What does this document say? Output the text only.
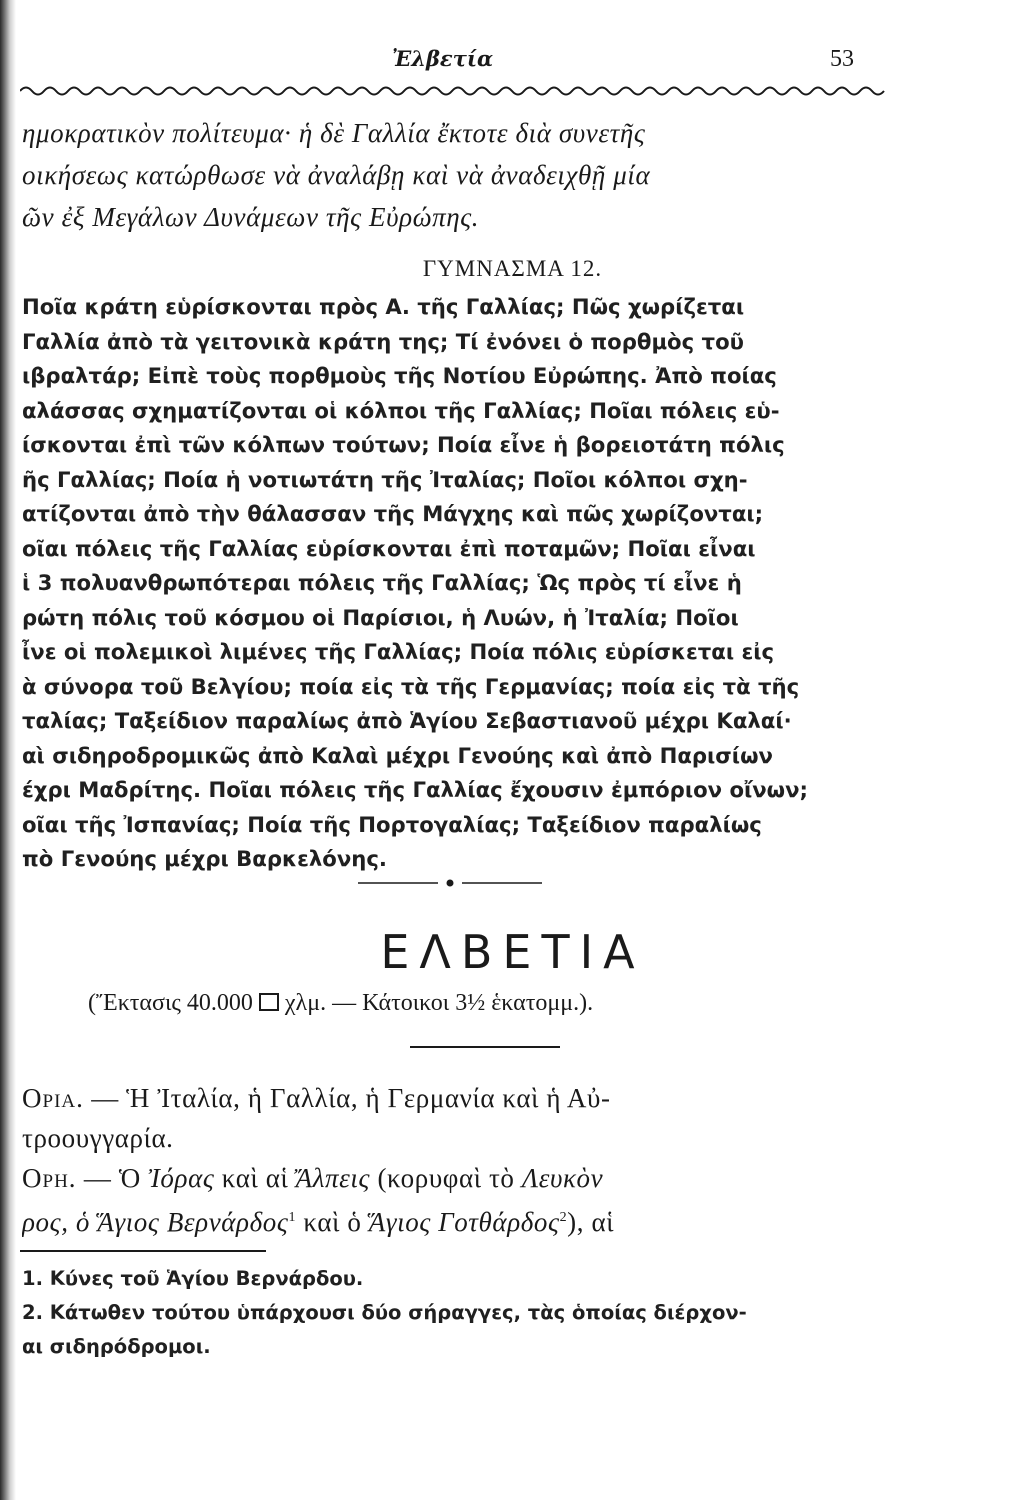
Ἐλβετία	53
ημοκρατικὸν πολίτευμα· ἡ δὲ Γαλλία ἔκτοτε διὰ συνετῆς
οικήσεως κατώρθωσε νὰ ἀναλάβῃ καὶ νὰ ἀναδειχθῇ μία
ῶν ἐξ Μεγάλων Δυνάμεων τῆς Εὐρώπης.
ΓΥΜΝΑΣΜΑ 12.
Ποῖα κράτη εὑρίσκονται πρὸς Α. τῆς Γαλλίας; Πῶς χωρίζεται
Γαλλία ἀπὸ τὰ γειτονικὰ κράτη της; Τί ἐνόνει ὁ πορθμὸς τοῦ
ιβραλτάρ; Εἰπὲ τοὺς πορθμοὺς τῆς Νοτίου Εὐρώπης. Ἀπὸ ποίας
αλάσσας σχηματίζονται οἱ κόλποι τῆς Γαλλίας; Ποῖαι πόλεις εὑ-
ίσκονται ἐπὶ τῶν κόλπων τούτων; Ποία εἶνε ἡ βορειοτάτη πόλις
ῆς Γαλλίας; Ποία ἡ νοτιωτάτη τῆς Ἰταλίας; Ποῖοι κόλποι σχη-
ατίζονται ἀπὸ τὴν θάλασσαν τῆς Μάγχης καὶ πῶς χωρίζονται;
οῖαι πόλεις τῆς Γαλλίας εὑρίσκονται ἐπὶ ποταμῶν; Ποῖαι εἶναι
ἱ 3 πολυανθρωπότεραι πόλεις τῆς Γαλλίας; Ὡς πρὸς τί εἶνε ἡ
ρώτη πόλις τοῦ κόσμου οἱ Παρίσιοι, ἡ Λυών, ἡ Ἰταλία; Ποῖοι
ἶνε οἱ πολεμικοὶ λιμένες τῆς Γαλλίας; Ποία πόλις εὑρίσκεται εἰς
ὰ σύνορα τοῦ Βελγίου; ποία εἰς τὰ τῆς Γερμανίας; ποία εἰς τὰ τῆς
ταλίας; Ταξείδιον παραλίως ἀπὸ Ἁγίου Σεβαστιανοῦ μέχρι Καλαί·
αὶ σιδηροδρομικῶς ἀπὸ Καλαὶ μέχρι Γενούης καὶ ἀπὸ Παρισίων
έχρι Μαδρίτης. Ποῖαι πόλεις τῆς Γαλλίας ἔχουσιν ἐμπόριον οἴνων;
οῖαι τῆς Ἰσπανίας; Ποία τῆς Πορτογαλίας; Ταξείδιον παραλίως
πὸ Γενούης μέχρι Βαρκελόνης.
ΕΛΒΕΤΙΑ
(Ἔκτασις 40.000 χλμ. — Κάτοικοι 3½ ἑκατομμ.).
Ορια. — Ἡ Ἰταλία, ἡ Γαλλία, ἡ Γερμανία καὶ ἡ Αὐ-
τροουγγαρία.
Ορη. — Ὁ Ἰόρας καὶ αἱ Ἄλπεις (κορυφαὶ τὸ Λευκὸν
ρος, ὁ Ἅγιος Βερνάρδος$^1$ καὶ ὁ Ἅγιος Γοτθάρδος$^2$), αἱ
1. Κύνες τοῦ Ἁγίου Βερνάρδου.
2. Κάτωθεν τούτου ὑπάρχουσι δύο σήραγγες, τὰς ὁποίας διέρχον-
αι σιδηρόδρομοι.
